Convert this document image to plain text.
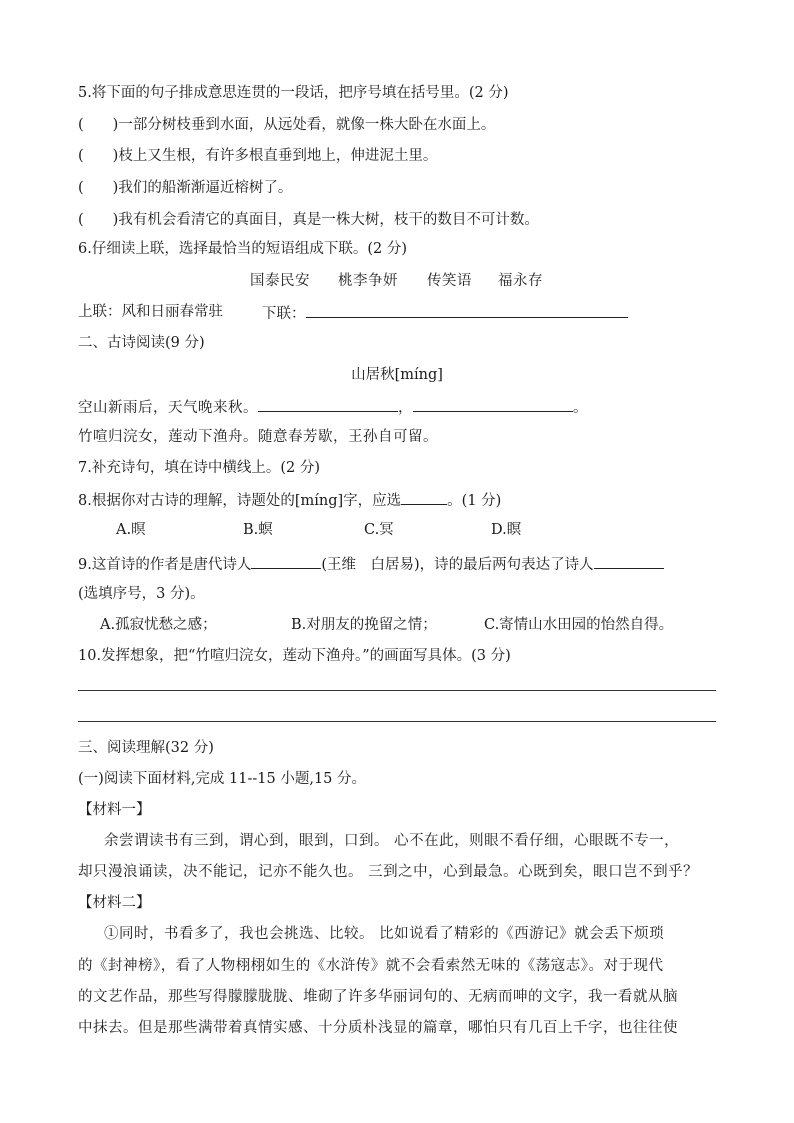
5.将下面的句子排成意思连贯的一段话，把序号填在括号里。(2 分)
(　　)一部分树枝垂到水面，从远处看，就像一株大卧在水面上。
(　　)枝上又生根，有许多根直垂到地上，伸进泥土里。
(　　)我们的船渐渐逼近榕树了。
(　　)我有机会看清它的真面目，真是一株大树，枝干的数目不可计数。
6.仔细读上联，选择最恰当的短语组成下联。(2 分)
国泰民安 桃李争妍 传笑语 福永存
上联：风和日丽春常驻	下联：
二、古诗阅读(9 分)
山居秋[míng]
空山新雨后，天气晚来秋。	，	。
竹喧归浣女，莲动下渔舟。随意春芳歇，王孙自可留。
7.补充诗句，填在诗中横线上。(2 分)
8.根据你对古诗的理解，诗题处的[míng]字，应选	。(1 分)
A.暝	B.螟	C.冥	D.瞑
9.这首诗的作者是唐代诗人	(王维　白居易)，诗的最后两句表达了诗人
(选填序号，3 分)。
A.孤寂忧愁之感；	B.对朋友的挽留之情；	C.寄情山水田园的怡然自得。
10.发挥想象，把“竹喧归浣女，莲动下渔舟。”的画面写具体。(3 分)
三、阅读理解(32 分)
(一)阅读下面材料,完成 11--15 小题,15 分。
【材料一】
余尝谓读书有三到，谓心到，眼到，口到。 心不在此，则眼不看仔细，心眼既不专一，
却只漫浪诵读，决不能记，记亦不能久也。 三到之中，心到最急。心既到矣，眼口岂不到乎？
【材料二】
①同时，书看多了，我也会挑选、比较。 比如说看了精彩的《西游记》就会丢下烦琐
的《封神榜》，看了人物栩栩如生的《水浒传》就不会看索然无味的《荡寇志》。对于现代
的文艺作品，那些写得朦朦胧胧、堆砌了许多华丽词句的、无病而呻的文字，我一看就从脑
中抹去。但是那些满带着真情实感、十分质朴浅显的篇章，哪怕只有几百上千字，也往往使
